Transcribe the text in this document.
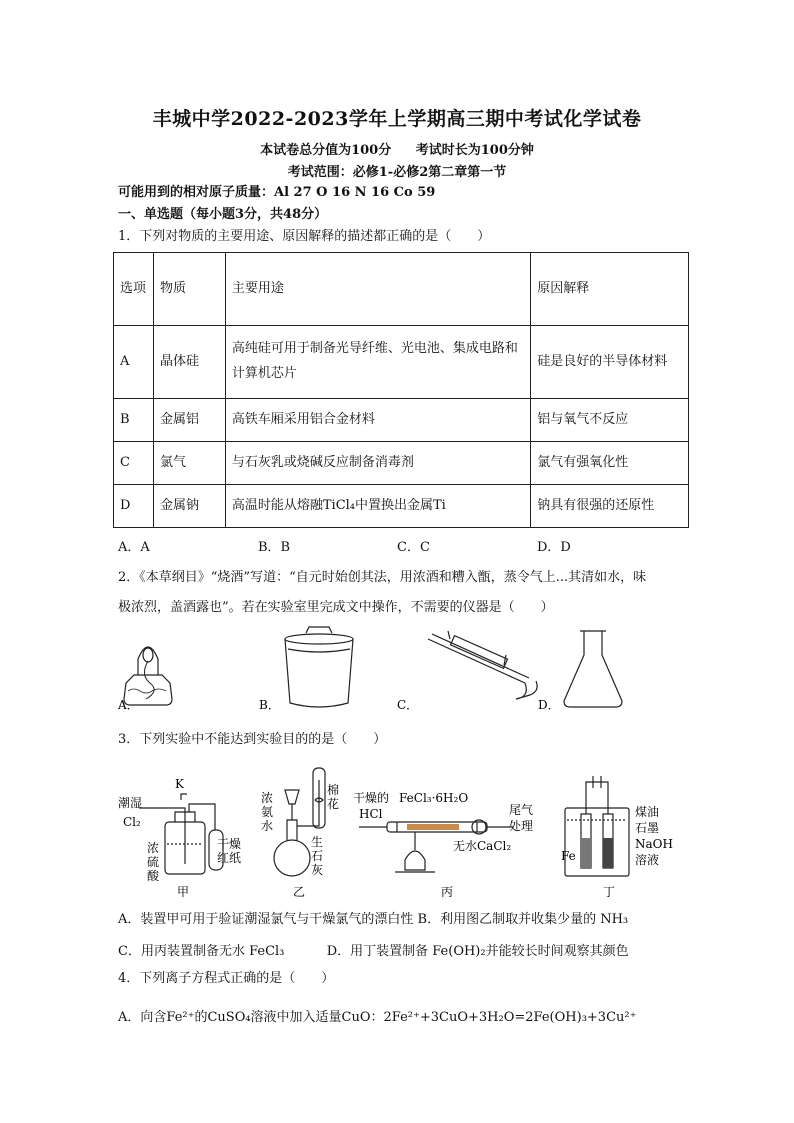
丰城中学2022-2023学年上学期高三期中考试化学试卷
本试卷总分值为100分 考试时长为100分钟
考试范围：必修1-必修2第二章第一节
可能用到的相对原子质量：Al 27 O 16 N 16 Co 59
一、单选题（每小题3分，共48分）
1．下列对物质的主要用途、原因解释的描述都正确的是（　　）
选项	物质	主要用途	原因解释
A	晶体硅	高纯硅可用于制备光导纤维、光电池、集成电路和计算机芯片	硅是良好的半导体材料
B	金属铝	高铁车厢采用铝合金材料	铝与氧气不反应
C	氯气	与石灰乳或烧碱反应制备消毒剂	氯气有强氧化性
D	金属钠	高温时能从熔融TiCl₄中置换出金属Ti	钠具有很强的还原性
A．A	B．B	C．C	D．D
2．《本草纲目》“烧酒”写道：“自元时始创其法，用浓酒和糟入甑，蒸令气上...其清如水，味
极浓烈，盖酒露也”。若在实验室里完成文中操作，不需要的仪器是（　　）
A．	B．	C．	D．
3．下列实验中不能达到实验目的的是（　　）
潮湿
Cl₂
K
浓
硫
酸
干燥
红纸
甲
浓
氨
水
棉
花
生
石
灰
乙
干燥的
HCl
FeCl₃·6H₂O
尾气
处理
无水CaCl₂
丙
煤油
石墨
NaOH
溶液
Fe
丁
A．装置甲可用于验证潮湿氯气与干燥氯气的漂白性 B．利用图乙制取并收集少量的 NH₃
C．用丙装置制备无水 FeCl₃	D．用丁装置制备 Fe(OH)₂并能较长时间观察其颜色
4．下列离子方程式正确的是（　　）
A．向含Fe²⁺的CuSO₄溶液中加入适量CuO：2Fe²⁺+3CuO+3H₂O=2Fe(OH)₃+3Cu²⁺
